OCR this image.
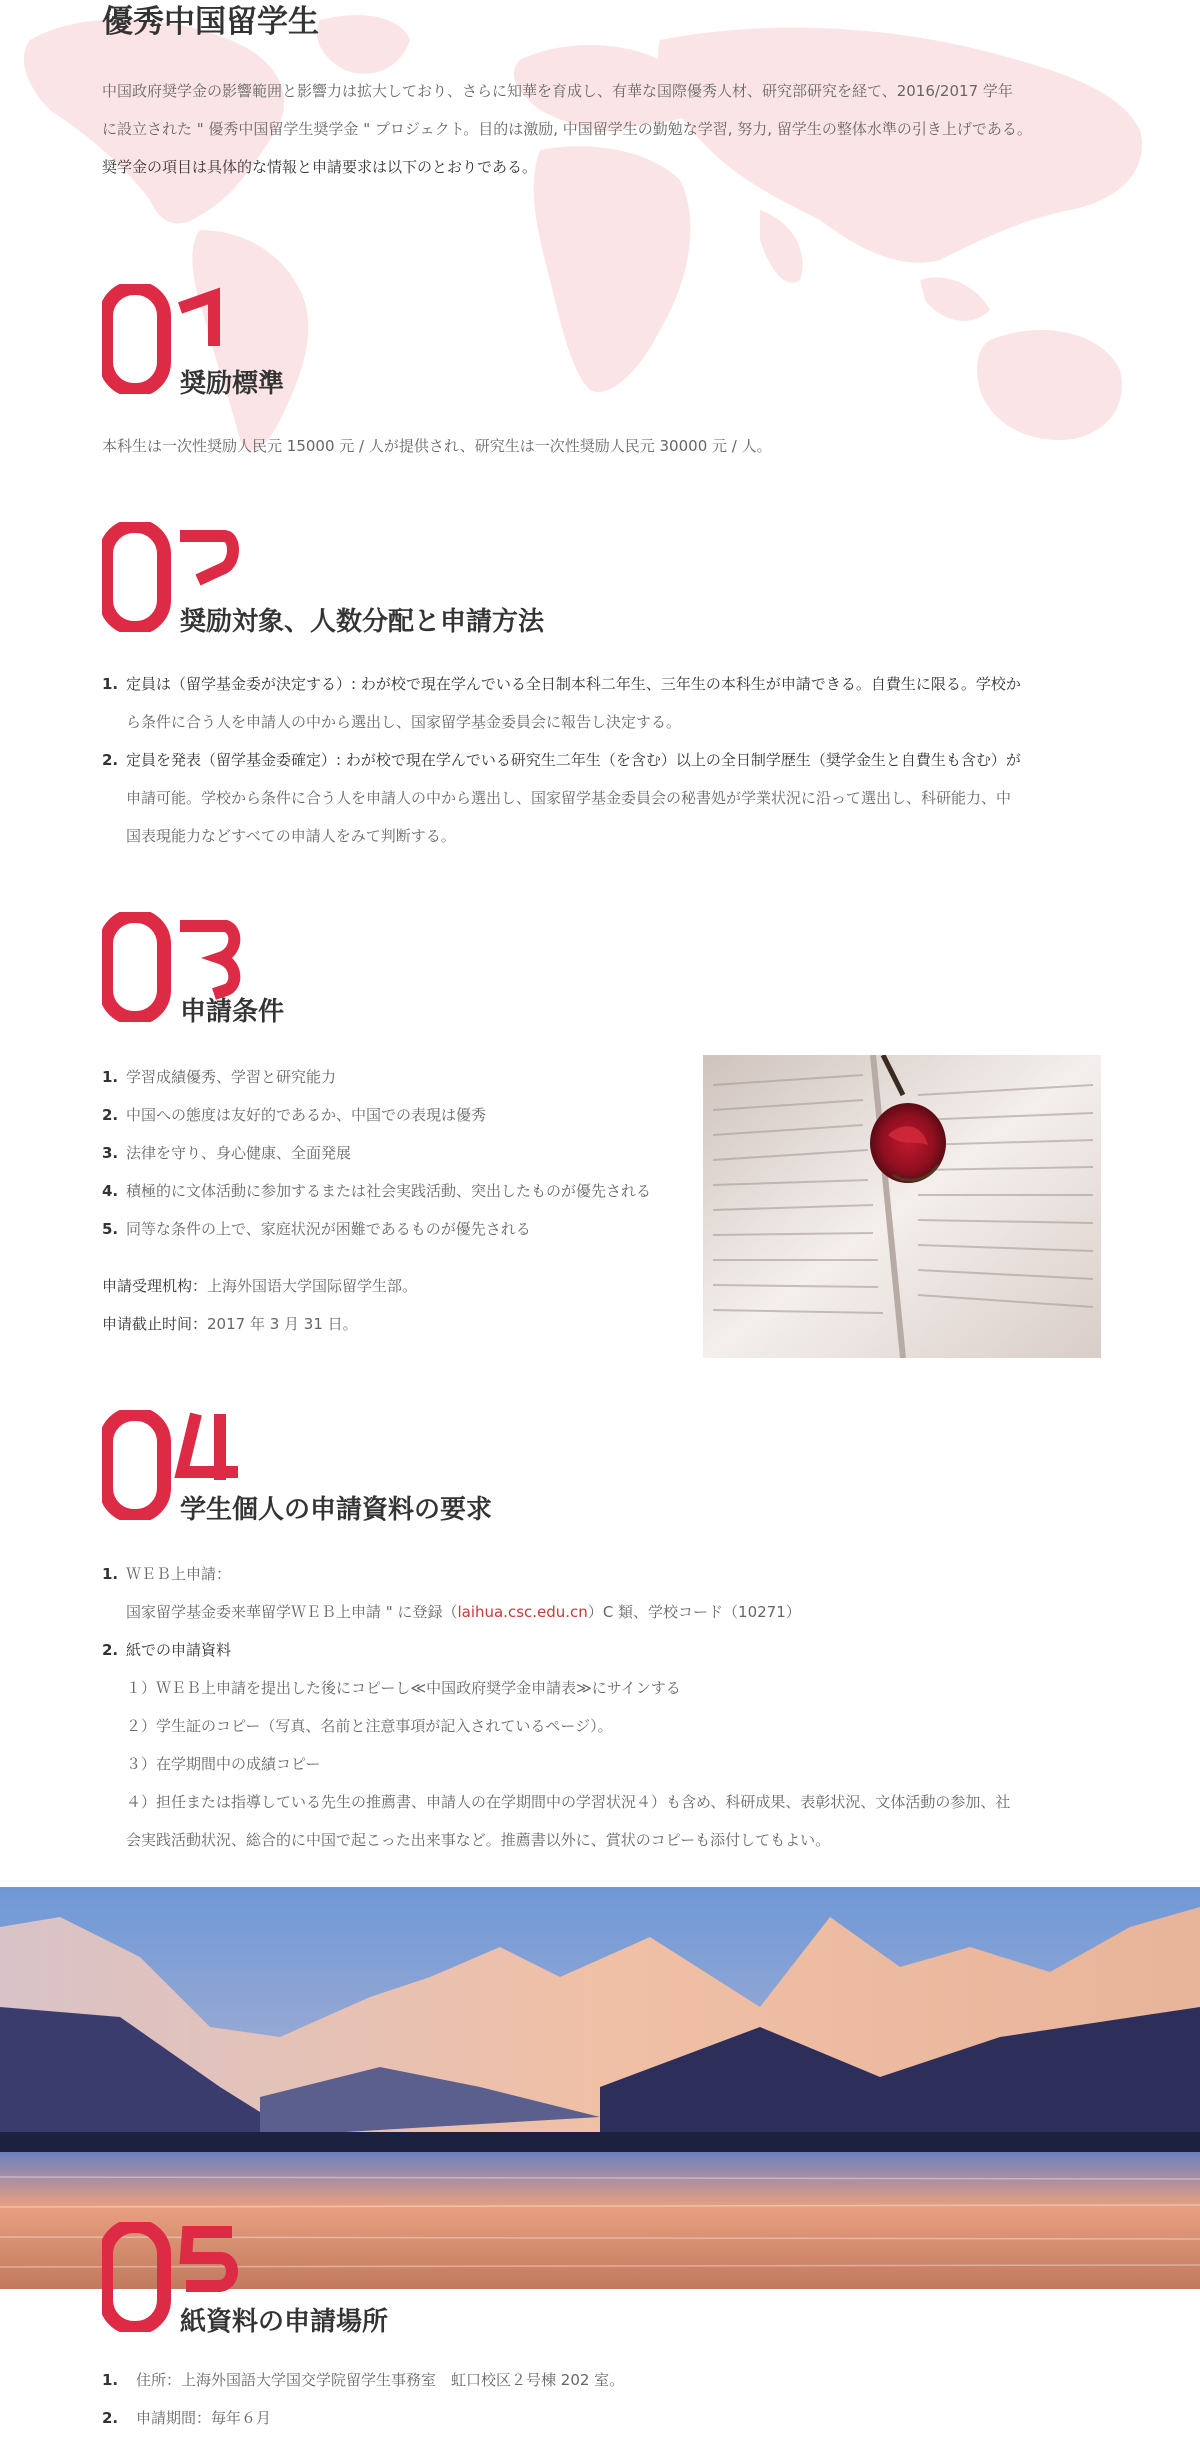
優秀中国留学生

中国政府奨学金の影響範囲と影響力は拡大しており、さらに知華を育成し、有華な国際優秀人材、研究部研究を経て、2016/2017 学年

に設立された " 優秀中国留学生奨学金 " プロジェクト。目的は激励, 中国留学生の勤勉な学習, 努力, 留学生の整体水準の引き上げである。

奨学金の項目は具体的な情報と申請要求は以下のとおりである。

奨励標準
本科生は一次性奨励人民元 15000 元 / 人が提供され、研究生は一次性奨励人民元 30000 元 / 人。
奨励対象、人数分配と申請方法
1. 定員は（留学基金委が決定する）: わが校で現在学んでいる全日制本科二年生、三年生の本科生が申請できる。自費生に限る。学校か
ら条件に合う人を申請人の中から選出し、国家留学基金委員会に報告し決定する。
2. 定員を発表（留学基金委確定）: わが校で現在学んでいる研究生二年生（を含む）以上の全日制学歴生（奨学金生と自費生も含む）が
申請可能。学校から条件に合う人を申請人の中から選出し、国家留学基金委員会の秘書処が学業状況に沿って選出し、科研能力、中
国表現能力などすべての申請人をみて判断する。
申請条件
1. 学習成績優秀、学習と研究能力
2. 中国への態度は友好的であるか、中国での表現は優秀
3. 法律を守り、身心健康、全面発展
4. 積極的に文体活動に参加するまたは社会実践活動、突出したものが優先される
5. 同等な条件の上で、家庭状況が困難であるものが優先される
申請受理机构：上海外国语大学国际留学生部。
申请截止时间：2017 年 3 月 31 日。
学生個人の申請資料の要求
1. ＷＥＢ上申請：
国家留学基金委来華留学ＷＥＢ上申請 " に登録（laihua.csc.edu.cn）C 類、学校コード（10271）
2. 紙での申請資料
１）ＷＥＢ上申請を提出した後にコピーし≪中国政府奨学金申請表≫にサインする
２）学生証のコピー（写真、名前と注意事項が記入されているページ）。
３）在学期間中の成績コピー
４）担任または指導している先生の推薦書、申請人の在学期間中の学習状況４）も含め、科研成果、表彰状況、文体活動の参加、社
会実践活動状況、総合的に中国で起こった出来事など。推薦書以外に、賞状のコピーも添付してもよい。
紙資料の申請場所
1. 住所：上海外国語大学国交学院留学生事務室　虹口校区２号棟 202 室。
2. 申請期間：毎年６月
